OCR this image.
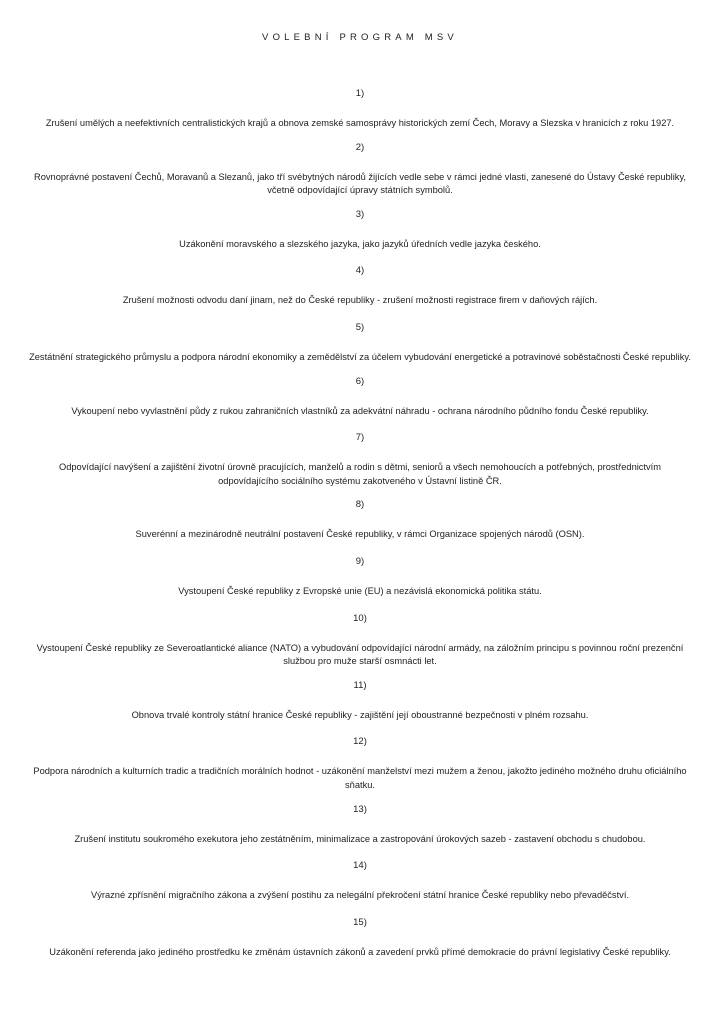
VOLEBNÍ PROGRAM MSV
1)
Zrušení umělých a neefektivních centralistických krajů a obnova zemské samosprávy historických zemí Čech, Moravy a Slezska v hranicích z roku 1927.
2)
Rovnoprávné postavení Čechů, Moravanů a Slezanů, jako tří svébytných národů žijících vedle sebe v rámci jedné vlasti, zanesené do Ústavy České republiky, včetně odpovídající úpravy státních symbolů.
3)
Uzákonění moravského a slezského jazyka, jako jazyků úředních vedle jazyka českého.
4)
Zrušení možnosti odvodu daní jinam, než do České republiky - zrušení možnosti registrace firem v daňových rájích.
5)
Zestátnění strategického průmyslu a podpora národní ekonomiky a zemědělství za účelem vybudování energetické a potravinové soběstačnosti České republiky.
6)
Vykoupení nebo vyvlastnění půdy z rukou zahraničních vlastníků za adekvátní náhradu - ochrana národního půdního fondu České republiky.
7)
Odpovídající navýšení a zajištění životní úrovně pracujících, manželů a rodin s dětmi, seniorů a všech nemohoucích a potřebných, prostřednictvím odpovídajícího sociálního systému zakotveného v Ústavní listině ČR.
8)
Suverénní a mezinárodně neutrální postavení České republiky, v rámci Organizace spojených národů (OSN).
9)
Vystoupení České republiky z Evropské unie (EU) a nezávislá ekonomická politika státu.
10)
Vystoupení České republiky ze Severoatlantické aliance (NATO) a vybudování odpovídající národní armády, na záložním principu s povinnou roční prezenční službou pro muže starší osmnácti let.
11)
Obnova trvalé kontroly státní hranice České republiky - zajištění její oboustranné bezpečnosti v plném rozsahu.
12)
Podpora národních a kulturních tradic a tradičních morálních hodnot - uzákonění manželství mezi mužem a ženou, jakožto jediného možného druhu oficiálního sňatku.
13)
Zrušení institutu soukromého exekutora jeho zestátněním, minimalizace a zastropování úrokových sazeb - zastavení obchodu s chudobou.
14)
Výrazné zpřísnění migračního zákona a zvýšení postihu za nelegální překročení státní hranice České republiky nebo převaděčství.
15)
Uzákonění referenda jako jediného prostředku ke změnám ústavních zákonů a zavedení prvků přímé demokracie do právní legislativy České republiky.
